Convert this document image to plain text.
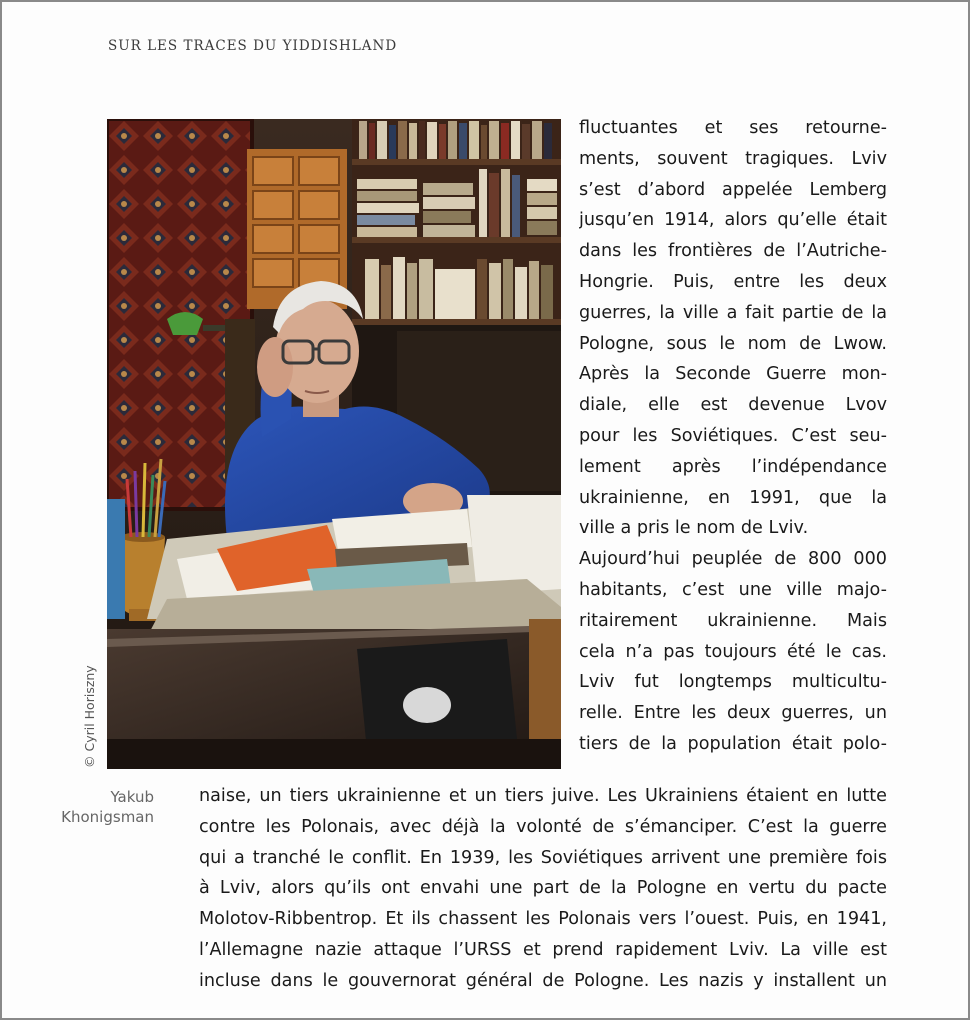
SUR LES TRACES DU YIDDISHLAND
© Cyril Horiszny
Yakub
Khonigsman
fluctuantes et ses retourne-
ments, souvent tragiques. Lviv
s’est d’abord appelée Lemberg
jusqu’en 1914, alors qu’elle était
dans les frontières de l’Autriche-
Hongrie. Puis, entre les deux
guerres, la ville a fait partie de la
Pologne, sous le nom de Lwow.
Après la Seconde Guerre mon-
diale, elle est devenue Lvov
pour les Soviétiques. C’est seu-
lement après l’indépendance
ukrainienne, en 1991, que la
ville a pris le nom de Lviv.
Aujourd’hui peuplée de 800 000
habitants, c’est une ville majo-
ritairement ukrainienne. Mais
cela n’a pas toujours été le cas.
Lviv fut longtemps multicultu-
relle. Entre les deux guerres, un
tiers de la population était polo-
naise, un tiers ukrainienne et un tiers juive. Les Ukrainiens étaient en lutte
contre les Polonais, avec déjà la volonté de s’émanciper. C’est la guerre
qui a tranché le conflit. En 1939, les Soviétiques arrivent une première fois
à Lviv, alors qu’ils ont envahi une part de la Pologne en vertu du pacte
Molotov-Ribbentrop. Et ils chassent les Polonais vers l’ouest. Puis, en 1941,
l’Allemagne nazie attaque l’URSS et prend rapidement Lviv. La ville est
incluse dans le gouvernorat général de Pologne. Les nazis y installent un
